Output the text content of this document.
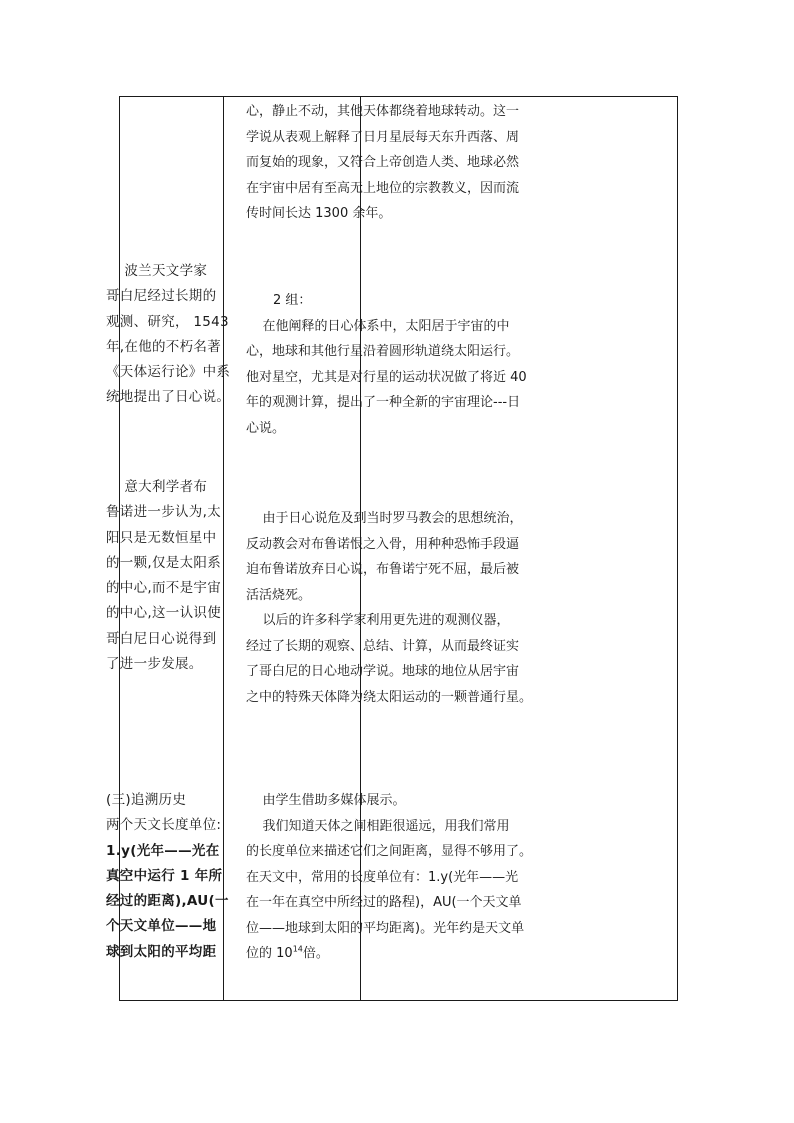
心，静止不动，其他天体都绕着地球转动。这一
学说从表观上解释了日月星辰每天东升西落、周
而复始的现象，又符合上帝创造人类、地球必然
在宇宙中居有至高无上地位的宗教教义，因而流
传时间长达 1300 余年。
2 组：
在他阐释的日心体系中，太阳居于宇宙的中
心，地球和其他行星沿着圆形轨道绕太阳运行。
他对星空，尤其是对行星的运动状况做了将近 40
年的观测计算，提出了一种全新的宇宙理论---日
心说。
由于日心说危及到当时罗马教会的思想统治，
反动教会对布鲁诺恨之入骨，用种种恐怖手段逼
迫布鲁诺放弃日心说，布鲁诺宁死不屈，最后被
活活烧死。
以后的许多科学家利用更先进的观测仪器，
经过了长期的观察、总结、计算，从而最终证实
了哥白尼的日心地动学说。地球的地位从居宇宙
之中的特殊天体降为绕太阳运动的一颗普通行星。
由学生借助多媒体展示。
我们知道天体之间相距很遥远，用我们常用
的长度单位来描述它们之间距离，显得不够用了。
在天文中，常用的长度单位有：1.y(光年——光
在一年在真空中所经过的路程)，AU(一个天文单
位——地球到太阳的平均距离)。光年约是天文单
位的 $10^{14}$倍。
波兰天文学家
哥白尼经过长期的
观测、研究， 1543
年,在他的不朽名著
《天体运行论》中系
统地提出了日心说。
意大利学者布
鲁诺进一步认为,太
阳只是无数恒星中
的一颗,仅是太阳系
的中心,而不是宇宙
的中心,这一认识使
哥白尼日心说得到
了进一步发展。
(三)追溯历史
两个天文长度单位:
1.y(光年——光在
真空中运行 1 年所
经过的距离),AU(一
个天文单位——地
球到太阳的平均距
